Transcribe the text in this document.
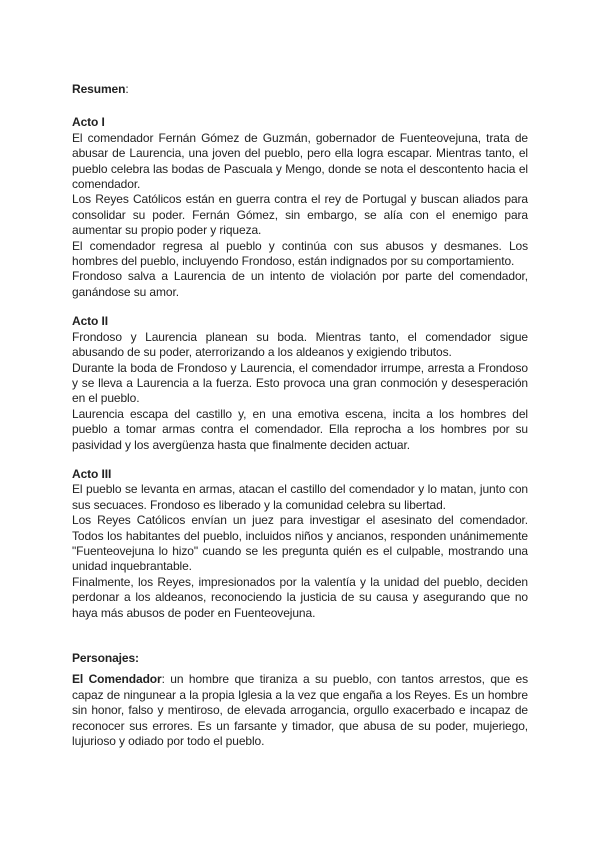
Resumen:

Acto I

El comendador Fernán Gómez de Guzmán, gobernador de Fuenteovejuna, trata de abusar de Laurencia, una joven del pueblo, pero ella logra escapar. Mientras tanto, el pueblo celebra las bodas de Pascuala y Mengo, donde se nota el descontento hacia el comendador.

Los Reyes Católicos están en guerra contra el rey de Portugal y buscan aliados para consolidar su poder. Fernán Gómez, sin embargo, se alía con el enemigo para aumentar su propio poder y riqueza.

El comendador regresa al pueblo y continúa con sus abusos y desmanes. Los hombres del pueblo, incluyendo Frondoso, están indignados por su comportamiento.

Frondoso salva a Laurencia de un intento de violación por parte del comendador, ganándose su amor.

Acto II

Frondoso y Laurencia planean su boda. Mientras tanto, el comendador sigue abusando de su poder, aterrorizando a los aldeanos y exigiendo tributos.

Durante la boda de Frondoso y Laurencia, el comendador irrumpe, arresta a Frondoso y se lleva a Laurencia a la fuerza. Esto provoca una gran conmoción y desesperación en el pueblo.

Laurencia escapa del castillo y, en una emotiva escena, incita a los hombres del pueblo a tomar armas contra el comendador. Ella reprocha a los hombres por su pasividad y los avergüenza hasta que finalmente deciden actuar.

Acto III

El pueblo se levanta en armas, atacan el castillo del comendador y lo matan, junto con sus secuaces. Frondoso es liberado y la comunidad celebra su libertad.

Los Reyes Católicos envían un juez para investigar el asesinato del comendador. Todos los habitantes del pueblo, incluidos niños y ancianos, responden unánimemente "Fuenteovejuna lo hizo" cuando se les pregunta quién es el culpable, mostrando una unidad inquebrantable.

Finalmente, los Reyes, impresionados por la valentía y la unidad del pueblo, deciden perdonar a los aldeanos, reconociendo la justicia de su causa y asegurando que no haya más abusos de poder en Fuenteovejuna.

Personajes:

El Comendador: un hombre que tiraniza a su pueblo, con tantos arrestos, que es capaz de ningunear a la propia Iglesia a la vez que engaña a los Reyes. Es un hombre sin honor, falso y mentiroso, de elevada arrogancia, orgullo exacerbado e incapaz de reconocer sus errores. Es un farsante y timador, que abusa de su poder, mujeriego, lujurioso y odiado por todo el pueblo.
